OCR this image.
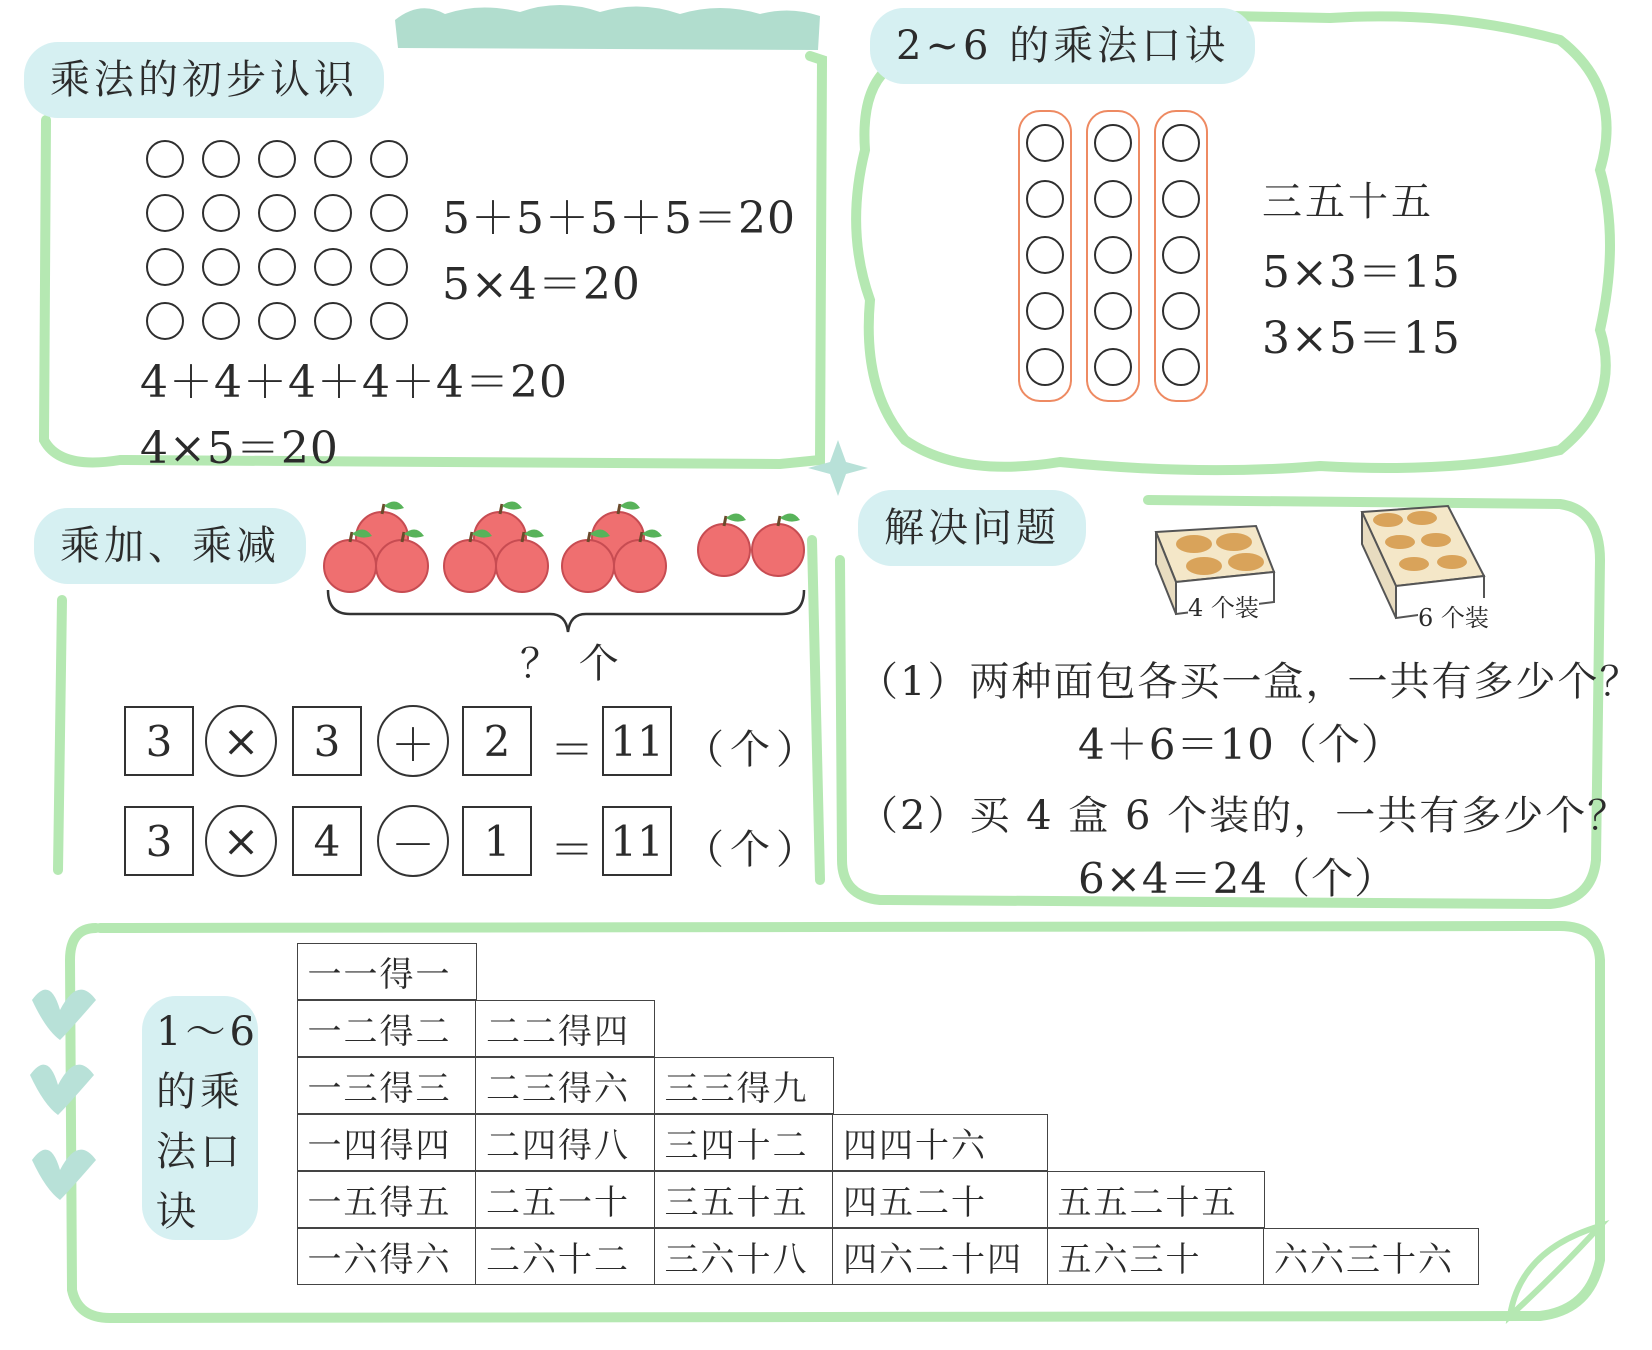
乘法的初步认识
5＋5＋5＋5＝20
5×4＝20
4＋4＋4＋4＋4＝20
4×5＝20
2~6 的乘法口诀
三五十五
5×3＝15
3×5＝15
乘加、乘减
？ 个
3	×	3	＋	2 ＝ 11 （个）
3	×	4	－	1 ＝ 11 （个）
解决问题
4 个装	6 个装
（1）两种面包各买一盒，一共有多少个？
4＋6＝10（个）
（2）买 4 盒 6 个装的，一共有多少个？
6×4＝24（个）
1～6
的乘
法口
诀
一一得一
一二得二	二二得四
一三得三	二三得六	三三得九
一四得四	二四得八	三四十二	四四十六
一五得五	二五一十	三五十五	四五二十	五五二十五
一六得六	二六十二	三六十八	四六二十四	五六三十	六六三十六
